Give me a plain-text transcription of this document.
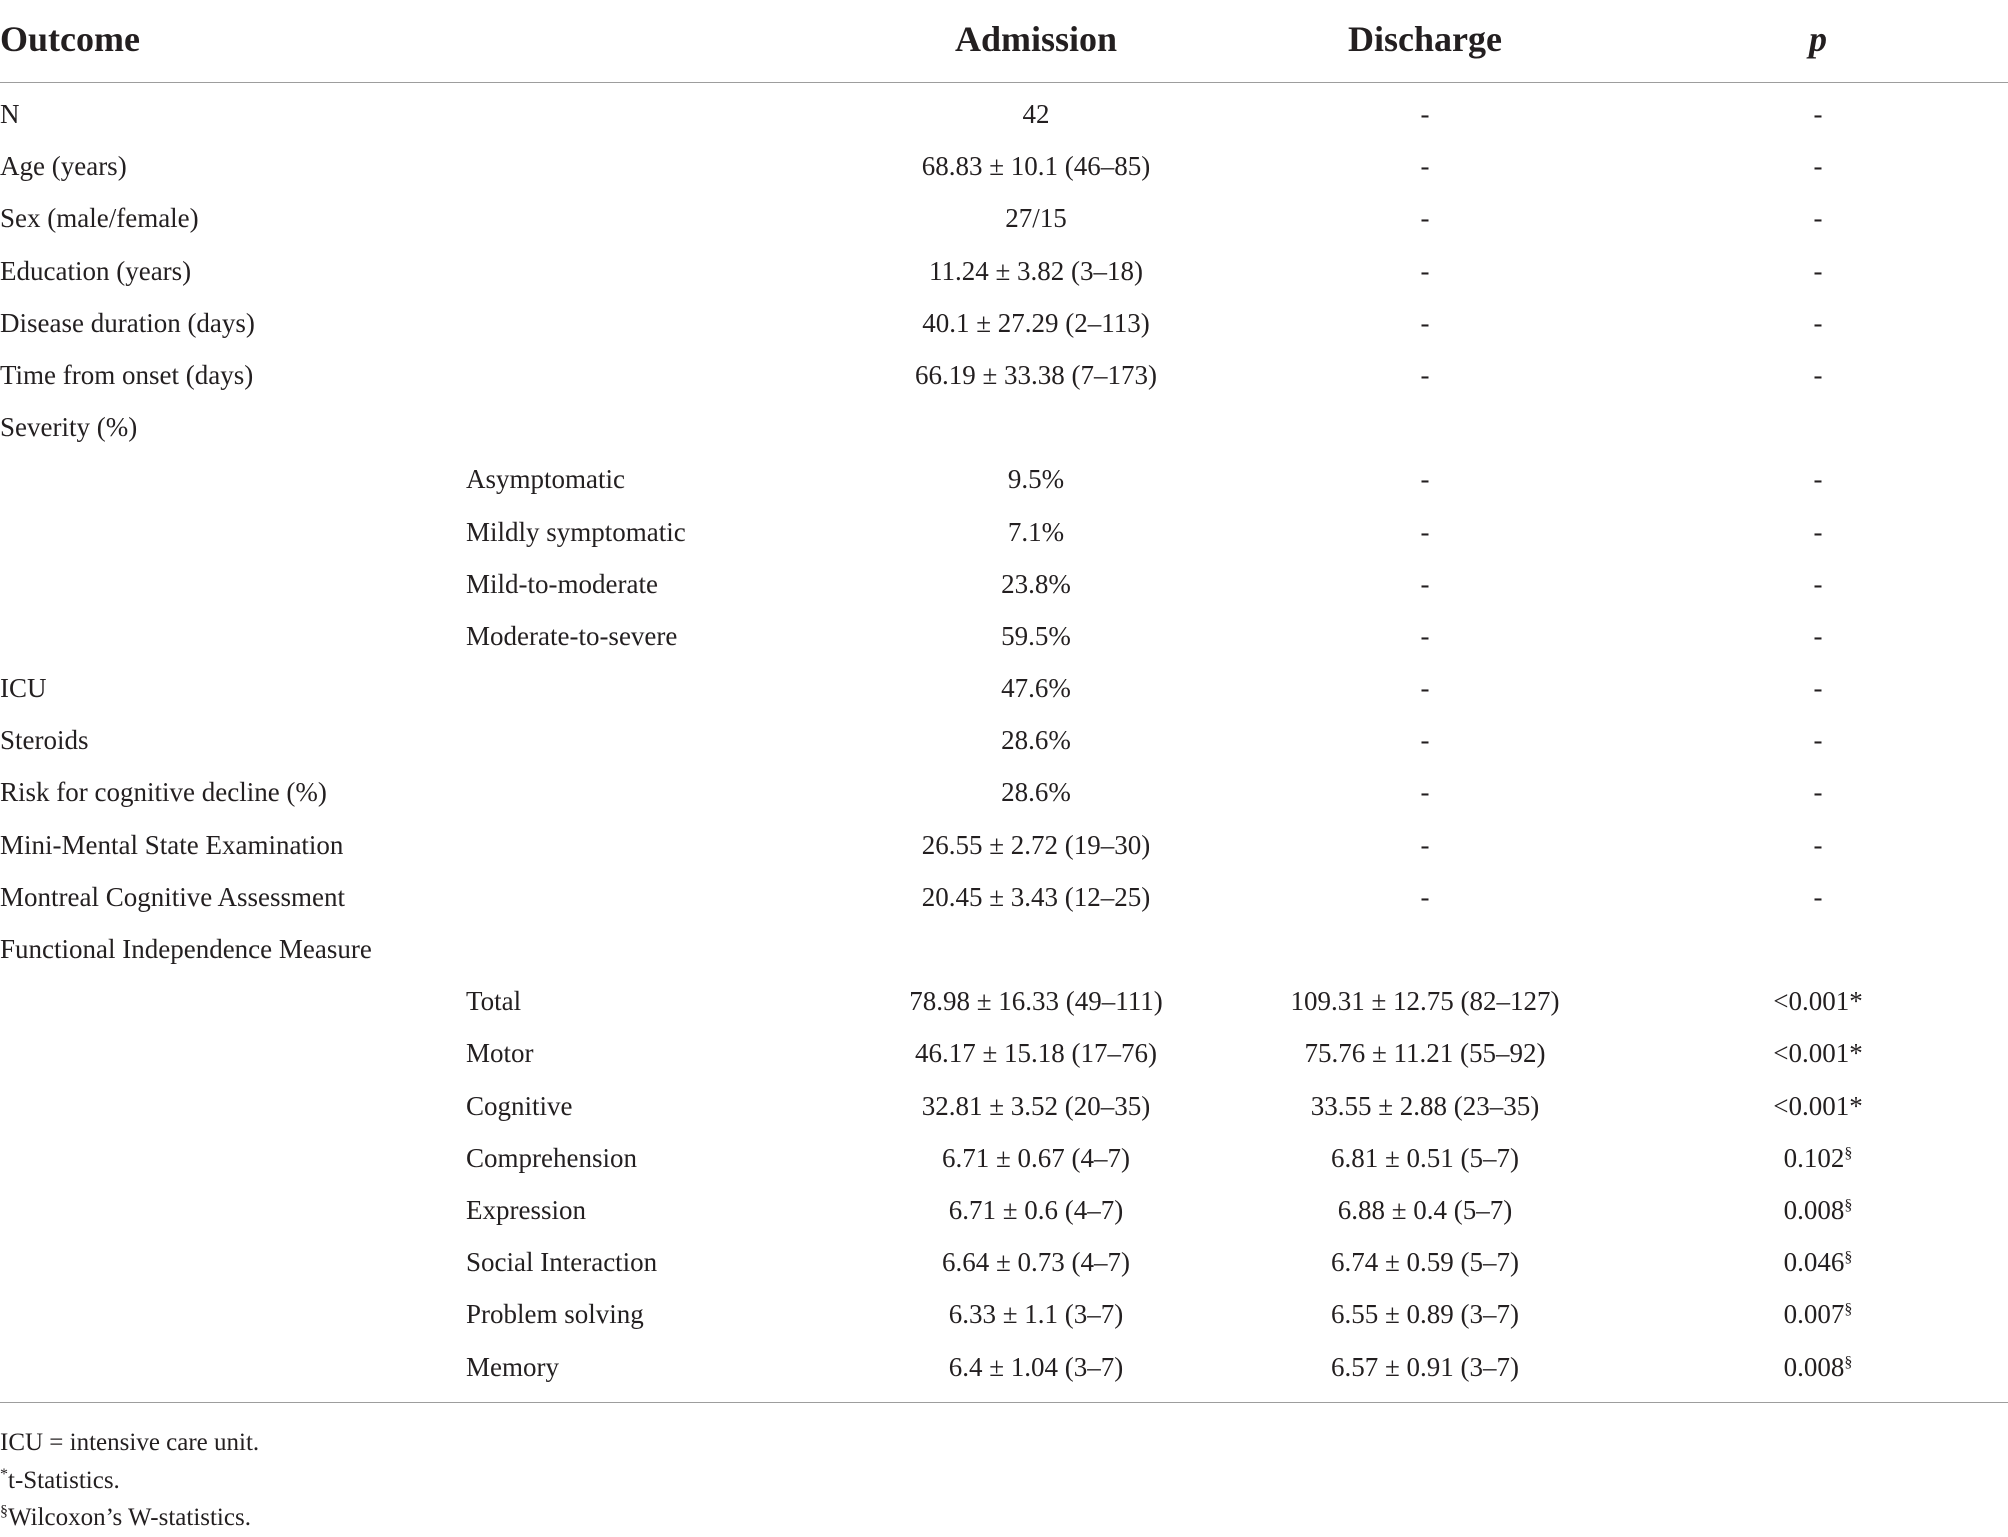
Outcome	Admission	Discharge	p
N	42	-	-
Age (years)	68.83 ± 10.1 (46–85)	-	-
Sex (male/female)	27/15	-	-
Education (years)	11.24 ± 3.82 (3–18)	-	-
Disease duration (days)	40.1 ± 27.29 (2–113)	-	-
Time from onset (days)	66.19 ± 33.38 (7–173)	-	-
Severity (%)
Asymptomatic	9.5%	-	-
Mildly symptomatic	7.1%	-	-
Mild-to-moderate	23.8%	-	-
Moderate-to-severe	59.5%	-	-
ICU	47.6%	-	-
Steroids	28.6%	-	-
Risk for cognitive decline (%)	28.6%	-	-
Mini-Mental State Examination	26.55 ± 2.72 (19–30)	-	-
Montreal Cognitive Assessment	20.45 ± 3.43 (12–25)	-	-
Functional Independence Measure
Total	78.98 ± 16.33 (49–111)	109.31 ± 12.75 (82–127)	<0.001*
Motor	46.17 ± 15.18 (17–76)	75.76 ± 11.21 (55–92)	<0.001*
Cognitive	32.81 ± 3.52 (20–35)	33.55 ± 2.88 (23–35)	<0.001*
Comprehension	6.71 ± 0.67 (4–7)	6.81 ± 0.51 (5–7)	0.102§
Expression	6.71 ± 0.6 (4–7)	6.88 ± 0.4 (5–7)	0.008§
Social Interaction	6.64 ± 0.73 (4–7)	6.74 ± 0.59 (5–7)	0.046§
Problem solving	6.33 ± 1.1 (3–7)	6.55 ± 0.89 (3–7)	0.007§
Memory	6.4 ± 1.04 (3–7)	6.57 ± 0.91 (3–7)	0.008§
ICU = intensive care unit.
*t-Statistics.
§Wilcoxon’s W-statistics.
